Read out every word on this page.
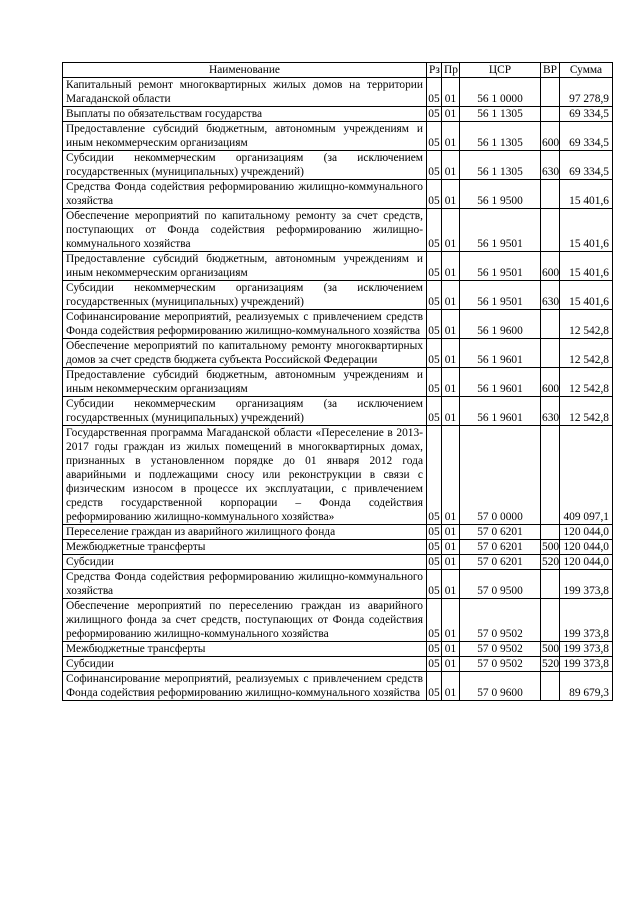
Наименование	Рз	Пр	ЦСР	ВР	Сумма
Капитальный ремонт многоквартирных жилых домов на территории Магаданской области	05	01	56 1 0000		97 278,9
Выплаты по обязательствам государства	05	01	56 1 1305		69 334,5
Предоставление субсидий бюджетным, автономным учреждениям и иным некоммерческим организациям	05	01	56 1 1305	600	69 334,5
Субсидии некоммерческим организациям (за исключением государственных (муниципальных) учреждений)	05	01	56 1 1305	630	69 334,5
Средства Фонда содействия реформированию жилищно-коммунального хозяйства	05	01	56 1 9500		15 401,6
Обеспечение мероприятий по капитальному ремонту за счет средств, поступающих от Фонда содействия реформированию жилищно-коммунального хозяйства	05	01	56 1 9501		15 401,6
Предоставление субсидий бюджетным, автономным учреждениям и иным некоммерческим организациям	05	01	56 1 9501	600	15 401,6
Субсидии некоммерческим организациям (за исключением государственных (муниципальных) учреждений)	05	01	56 1 9501	630	15 401,6
Софинансирование мероприятий, реализуемых с привлечением средств Фонда содействия реформированию жилищно-коммунального хозяйства	05	01	56 1 9600		12 542,8
Обеспечение мероприятий по капитальному ремонту многоквартирных домов за счет средств бюджета субъекта Российской Федерации	05	01	56 1 9601		12 542,8
Предоставление субсидий бюджетным, автономным учреждениям и иным некоммерческим организациям	05	01	56 1 9601	600	12 542,8
Субсидии некоммерческим организациям (за исключением государственных (муниципальных) учреждений)	05	01	56 1 9601	630	12 542,8
Государственная программа Магаданской области «Переселение в 2013-2017 годы граждан из жилых помещений в многоквартирных домах, признанных в установленном порядке до 01 января 2012 года аварийными и подлежащими сносу или реконструкции в связи с физическим износом в процессе их эксплуатации, с привлечением средств государственной корпорации – Фонда содействия реформированию жилищно-коммунального хозяйства»	05	01	57 0 0000		409 097,1
Переселение граждан из аварийного жилищного фонда	05	01	57 0 6201		120 044,0
Межбюджетные трансферты	05	01	57 0 6201	500	120 044,0
Субсидии	05	01	57 0 6201	520	120 044,0
Средства Фонда содействия реформированию жилищно-коммунального хозяйства	05	01	57 0 9500		199 373,8
Обеспечение мероприятий по переселению граждан из аварийного жилищного фонда за счет средств, поступающих от Фонда содействия реформированию жилищно-коммунального хозяйства	05	01	57 0 9502		199 373,8
Межбюджетные трансферты	05	01	57 0 9502	500	199 373,8
Субсидии	05	01	57 0 9502	520	199 373,8
Софинансирование мероприятий, реализуемых с привлечением средств Фонда содействия реформированию жилищно-коммунального хозяйства	05	01	57 0 9600		89 679,3
